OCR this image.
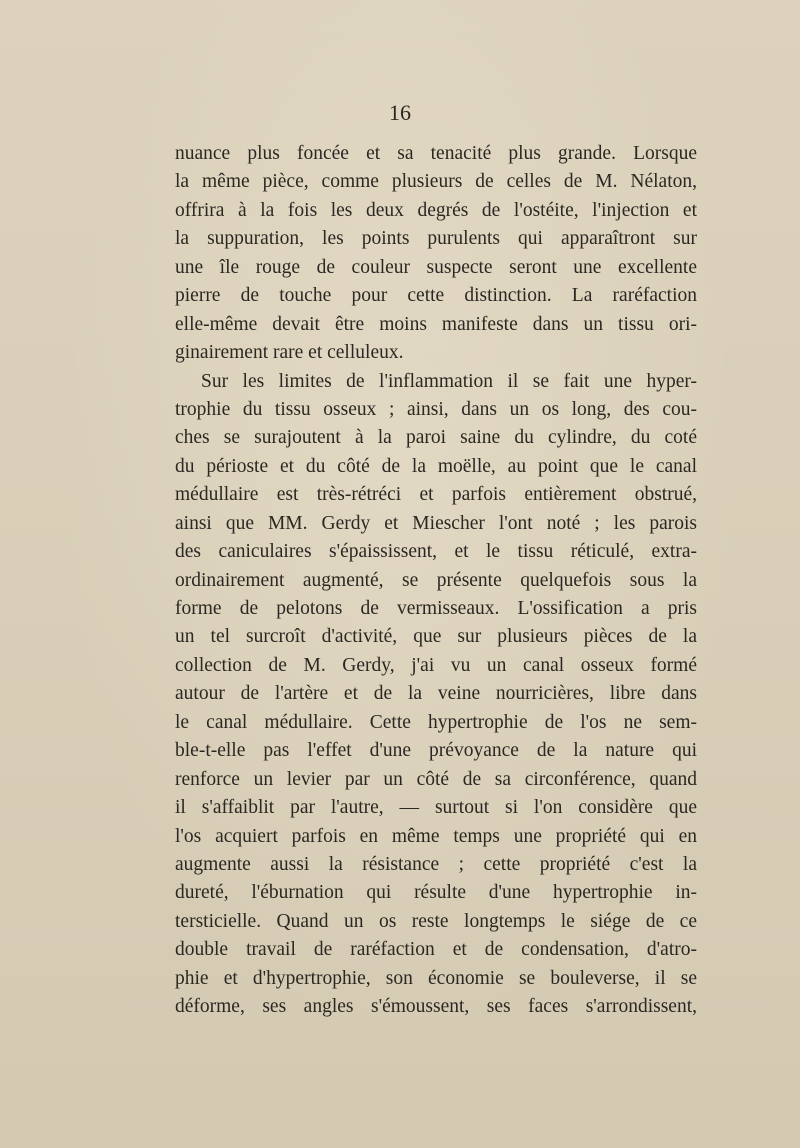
16
nuance plus foncée et sa tenacité plus grande. Lorsque
la même pièce, comme plusieurs de celles de M. Nélaton,
offrira à la fois les deux degrés de l'ostéite, l'injection et
la suppuration, les points purulents qui apparaîtront sur
une île rouge de couleur suspecte seront une excellente
pierre de touche pour cette distinction. La raréfaction
elle-même devait être moins manifeste dans un tissu ori-
ginairement rare et celluleux.
Sur les limites de l'inflammation il se fait une hyper-
trophie du tissu osseux ; ainsi, dans un os long, des cou-
ches se surajoutent à la paroi saine du cylindre, du coté
du périoste et du côté de la moëlle, au point que le canal
médullaire est très-rétréci et parfois entièrement obstrué,
ainsi que MM. Gerdy et Miescher l'ont noté ; les parois
des caniculaires s'épaississent, et le tissu réticulé, extra-
ordinairement augmenté, se présente quelquefois sous la
forme de pelotons de vermisseaux. L'ossification a pris
un tel surcroît d'activité, que sur plusieurs pièces de la
collection de M. Gerdy, j'ai vu un canal osseux formé
autour de l'artère et de la veine nourricières, libre dans
le canal médullaire. Cette hypertrophie de l'os ne sem-
ble-t-elle pas l'effet d'une prévoyance de la nature qui
renforce un levier par un côté de sa circonférence, quand
il s'affaiblit par l'autre, — surtout si l'on considère que
l'os acquiert parfois en même temps une propriété qui en
augmente aussi la résistance ; cette propriété c'est la
dureté, l'éburnation qui résulte d'une hypertrophie in-
tersticielle. Quand un os reste longtemps le siége de ce
double travail de raréfaction et de condensation, d'atro-
phie et d'hypertrophie, son économie se bouleverse, il se
déforme, ses angles s'émoussent, ses faces s'arrondissent,
